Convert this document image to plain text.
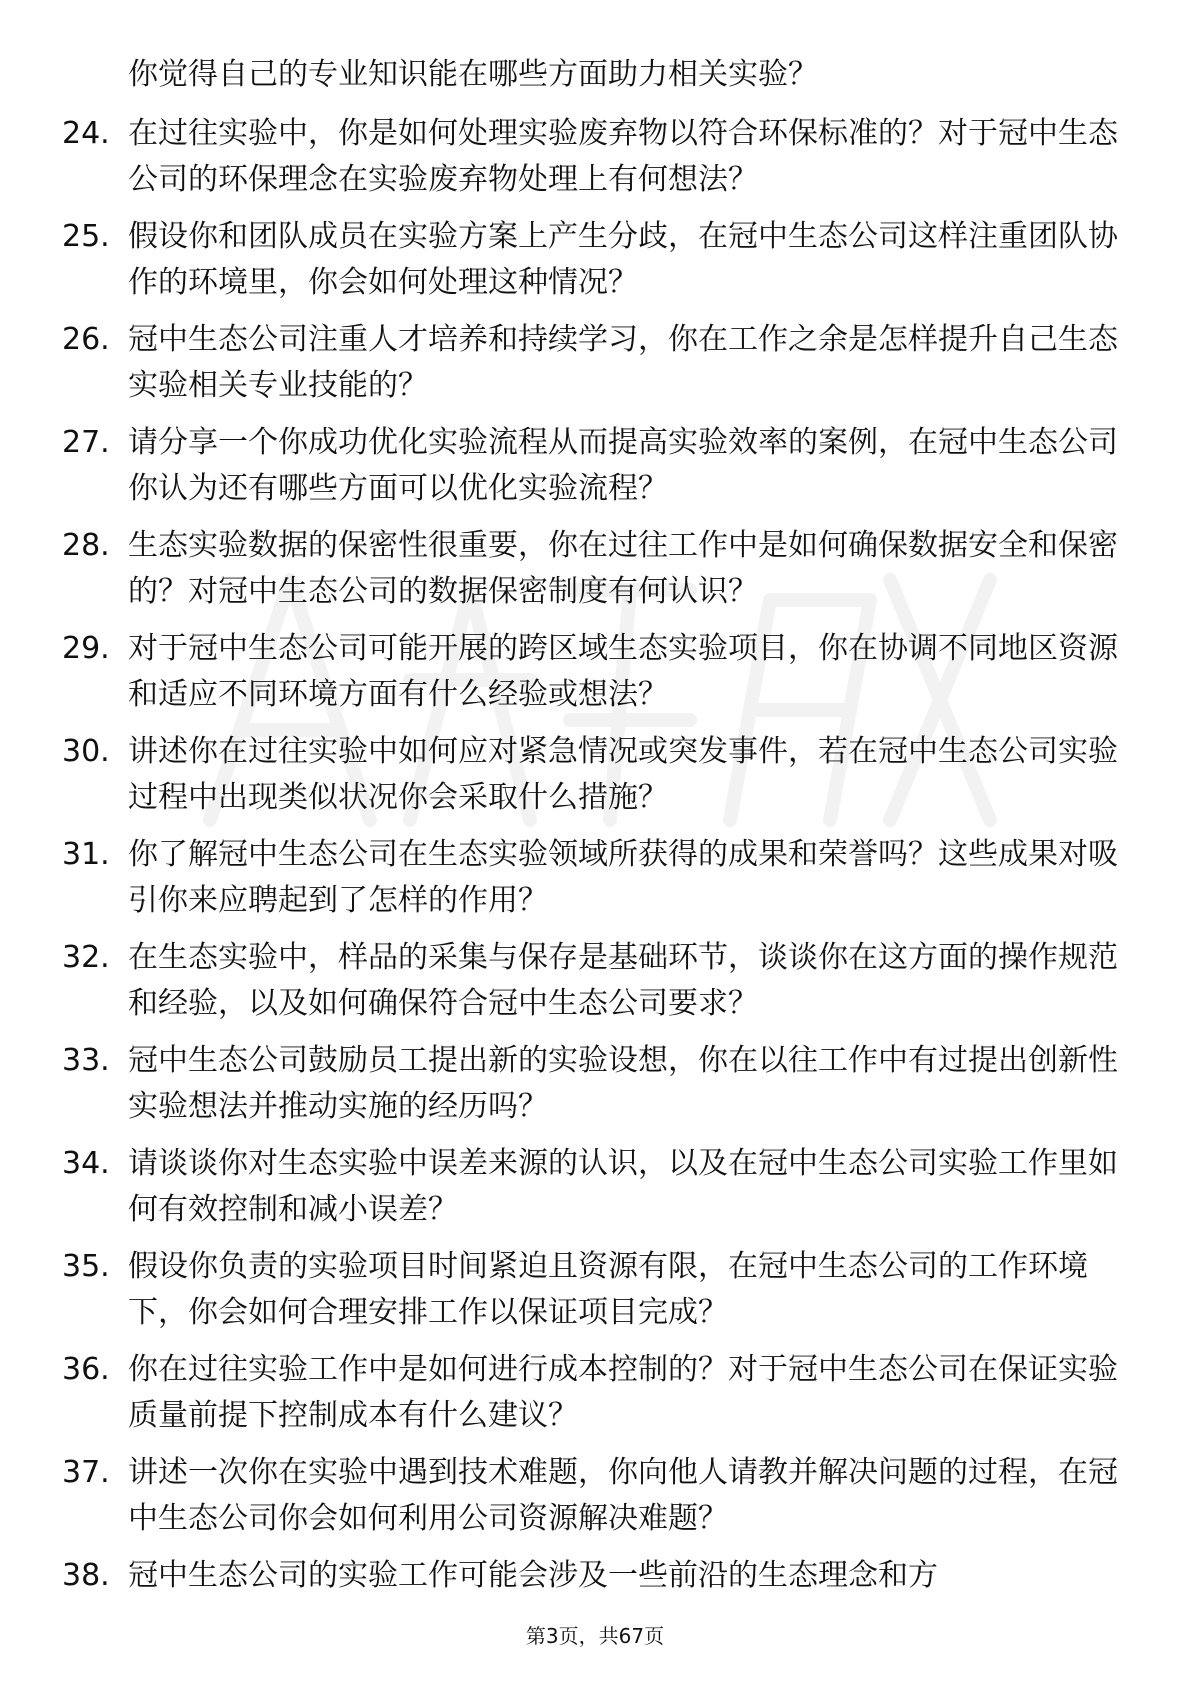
你觉得自己的专业知识能在哪些方面助力相关实验？
24. 在过往实验中，你是如何处理实验废弃物以符合环保标准的？对于冠中生态公司的环保理念在实验废弃物处理上有何想法？
25. 假设你和团队成员在实验方案上产生分歧，在冠中生态公司这样注重团队协作的环境里，你会如何处理这种情况？
26. 冠中生态公司注重人才培养和持续学习，你在工作之余是怎样提升自己生态实验相关专业技能的？
27. 请分享一个你成功优化实验流程从而提高实验效率的案例，在冠中生态公司你认为还有哪些方面可以优化实验流程？
28. 生态实验数据的保密性很重要，你在过往工作中是如何确保数据安全和保密的？对冠中生态公司的数据保密制度有何认识？
29. 对于冠中生态公司可能开展的跨区域生态实验项目，你在协调不同地区资源和适应不同环境方面有什么经验或想法？
30. 讲述你在过往实验中如何应对紧急情况或突发事件，若在冠中生态公司实验过程中出现类似状况你会采取什么措施？
31. 你了解冠中生态公司在生态实验领域所获得的成果和荣誉吗？这些成果对吸引你来应聘起到了怎样的作用？
32. 在生态实验中，样品的采集与保存是基础环节，谈谈你在这方面的操作规范和经验，以及如何确保符合冠中生态公司要求？
33. 冠中生态公司鼓励员工提出新的实验设想，你在以往工作中有过提出创新性实验想法并推动实施的经历吗？
34. 请谈谈你对生态实验中误差来源的认识，以及在冠中生态公司实验工作里如何有效控制和减小误差？
35. 假设你负责的实验项目时间紧迫且资源有限，在冠中生态公司的工作环境下，你会如何合理安排工作以保证项目完成？
36. 你在过往实验工作中是如何进行成本控制的？对于冠中生态公司在保证实验质量前提下控制成本有什么建议？
37. 讲述一次你在实验中遇到技术难题，你向他人请教并解决问题的过程，在冠中生态公司你会如何利用公司资源解决难题？
38. 冠中生态公司的实验工作可能会涉及一些前沿的生态理念和方
第3页，共67页
